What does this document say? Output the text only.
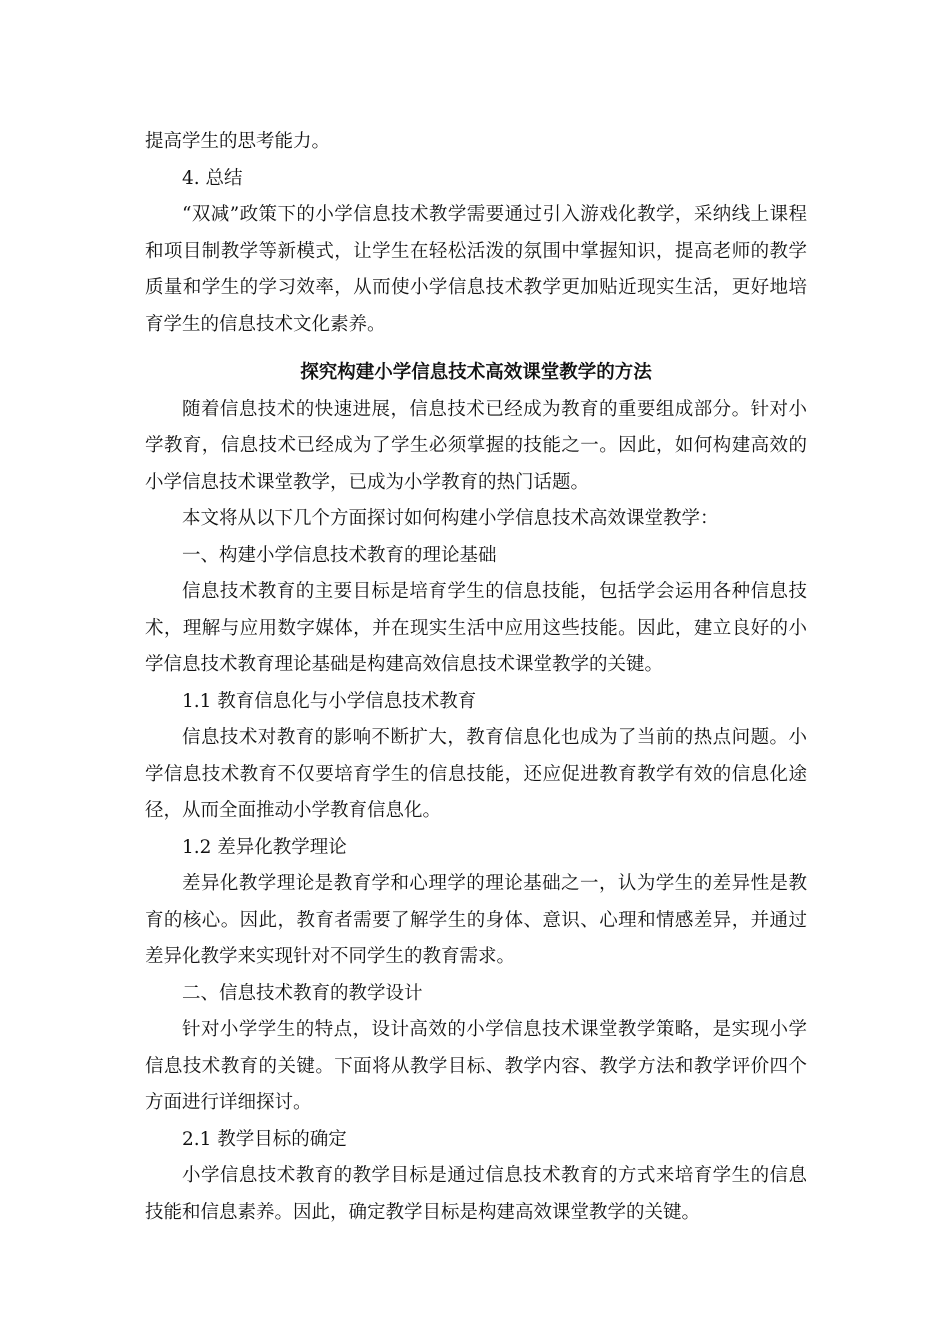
提高学生的思考能力。

4. 总结

“双减”政策下的小学信息技术教学需要通过引入游戏化教学，采纳线上课程和项目制教学等新模式，让学生在轻松活泼的氛围中掌握知识，提高老师的教学质量和学生的学习效率，从而使小学信息技术教学更加贴近现实生活，更好地培育学生的信息技术文化素养。

探究构建小学信息技术高效课堂教学的方法

随着信息技术的快速进展，信息技术已经成为教育的重要组成部分。针对小学教育，信息技术已经成为了学生必须掌握的技能之一。因此，如何构建高效的小学信息技术课堂教学，已成为小学教育的热门话题。

本文将从以下几个方面探讨如何构建小学信息技术高效课堂教学：

一、构建小学信息技术教育的理论基础

信息技术教育的主要目标是培育学生的信息技能，包括学会运用各种信息技术，理解与应用数字媒体，并在现实生活中应用这些技能。因此，建立良好的小学信息技术教育理论基础是构建高效信息技术课堂教学的关键。

1.1 教育信息化与小学信息技术教育

信息技术对教育的影响不断扩大，教育信息化也成为了当前的热点问题。小学信息技术教育不仅要培育学生的信息技能，还应促进教育教学有效的信息化途径，从而全面推动小学教育信息化。

1.2 差异化教学理论

差异化教学理论是教育学和心理学的理论基础之一，认为学生的差异性是教育的核心。因此，教育者需要了解学生的身体、意识、心理和情感差异，并通过差异化教学来实现针对不同学生的教育需求。

二、信息技术教育的教学设计

针对小学学生的特点，设计高效的小学信息技术课堂教学策略，是实现小学信息技术教育的关键。下面将从教学目标、教学内容、教学方法和教学评价四个方面进行详细探讨。

2.1 教学目标的确定

小学信息技术教育的教学目标是通过信息技术教育的方式来培育学生的信息技能和信息素养。因此，确定教学目标是构建高效课堂教学的关键。
